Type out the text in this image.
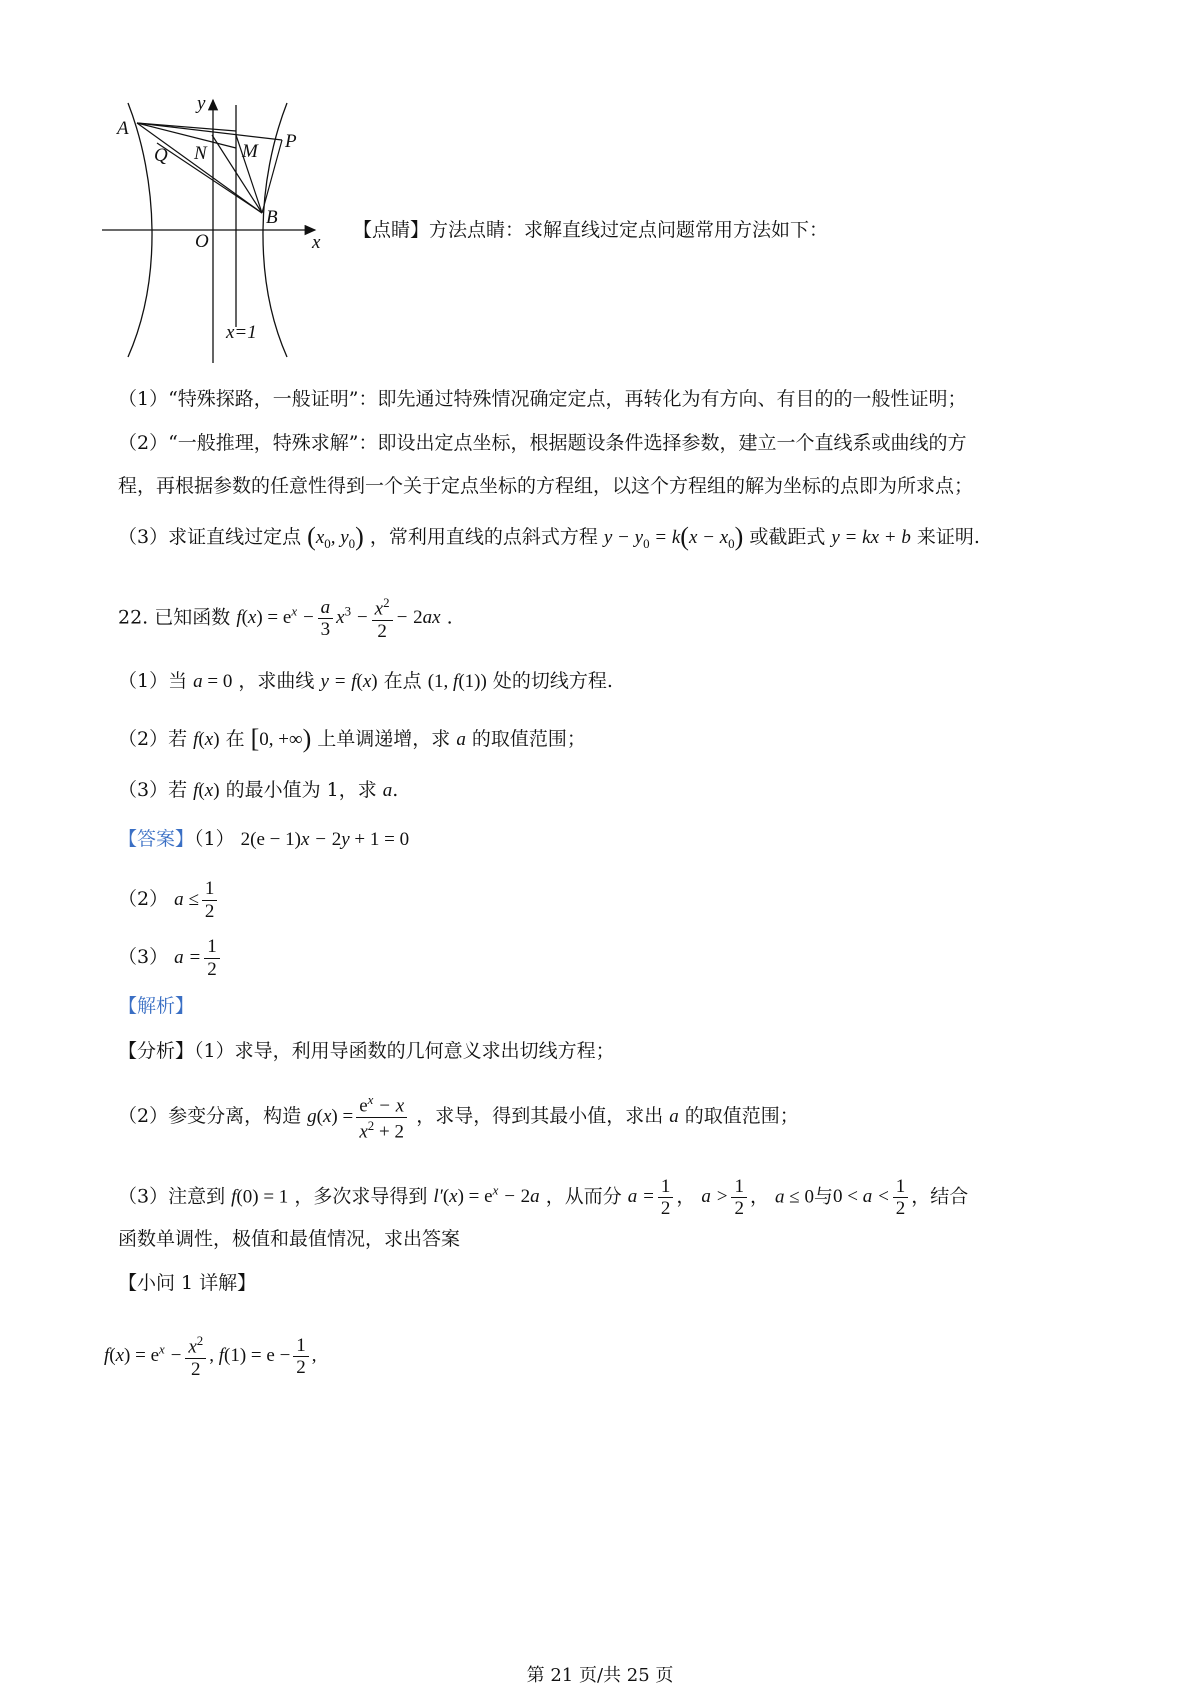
y
x
A
Q N M P
B
O
x=1
【点睛】方法点睛：求解直线过定点问题常用方法如下：
（1）“特殊探路，一般证明”：即先通过特殊情况确定定点，再转化为有方向、有目的的一般性证明；
（2）“一般推理，特殊求解”：即设出定点坐标，根据题设条件选择参数，建立一个直线系或曲线的方
程，再根据参数的任意性得到一个关于定点坐标的方程组，以这个方程组的解为坐标的点即为所求点；
（3）求证直线过定点 ($x_0$, $y_0$) ，常利用直线的点斜式方程 $y - y_0 = k(x - x_0)$ 或截距式 y = kx + b 来证明.
22. 已知函数 $f(x) = e^x - \frac{a}{3} x^3 - \frac{x^2}{2} - 2ax$ .
（1）当 a = 0 ，求曲线 y = f(x) 在点 (1, f(1)) 处的切线方程.
（2）若 f(x) 在 [0, +∞) 上单调递增，求 a 的取值范围；
（3）若 f(x) 的最小值为 1，求 a.
【答案】（1） 2(e − 1)x − 2y + 1 = 0
（2） $a \le \frac{1}{2}$
（3） $a = \frac{1}{2}$
【解析】
【分析】（1）求导，利用导函数的几何意义求出切线方程；
（2）参变分离，构造 $g(x) = \frac{e^x - x}{x^2 + 2}$ ，求导，得到其最小值，求出 a 的取值范围；
（3）注意到 f(0) = 1 ，多次求导得到 $l'(x) = e^x - 2a$ ，从而分 $a = \frac{1}{2}$ ， $a > \frac{1}{2}$ ， a ≤ 0与$0 < a < \frac{1}{2}$ ，结合
函数单调性，极值和最值情况，求出答案
【小问 1 详解】
$f(x) = e^x - \frac{x^2}{2}$ , $f(1) = e - \frac{1}{2}$ ,
第 21 页/共 25 页
